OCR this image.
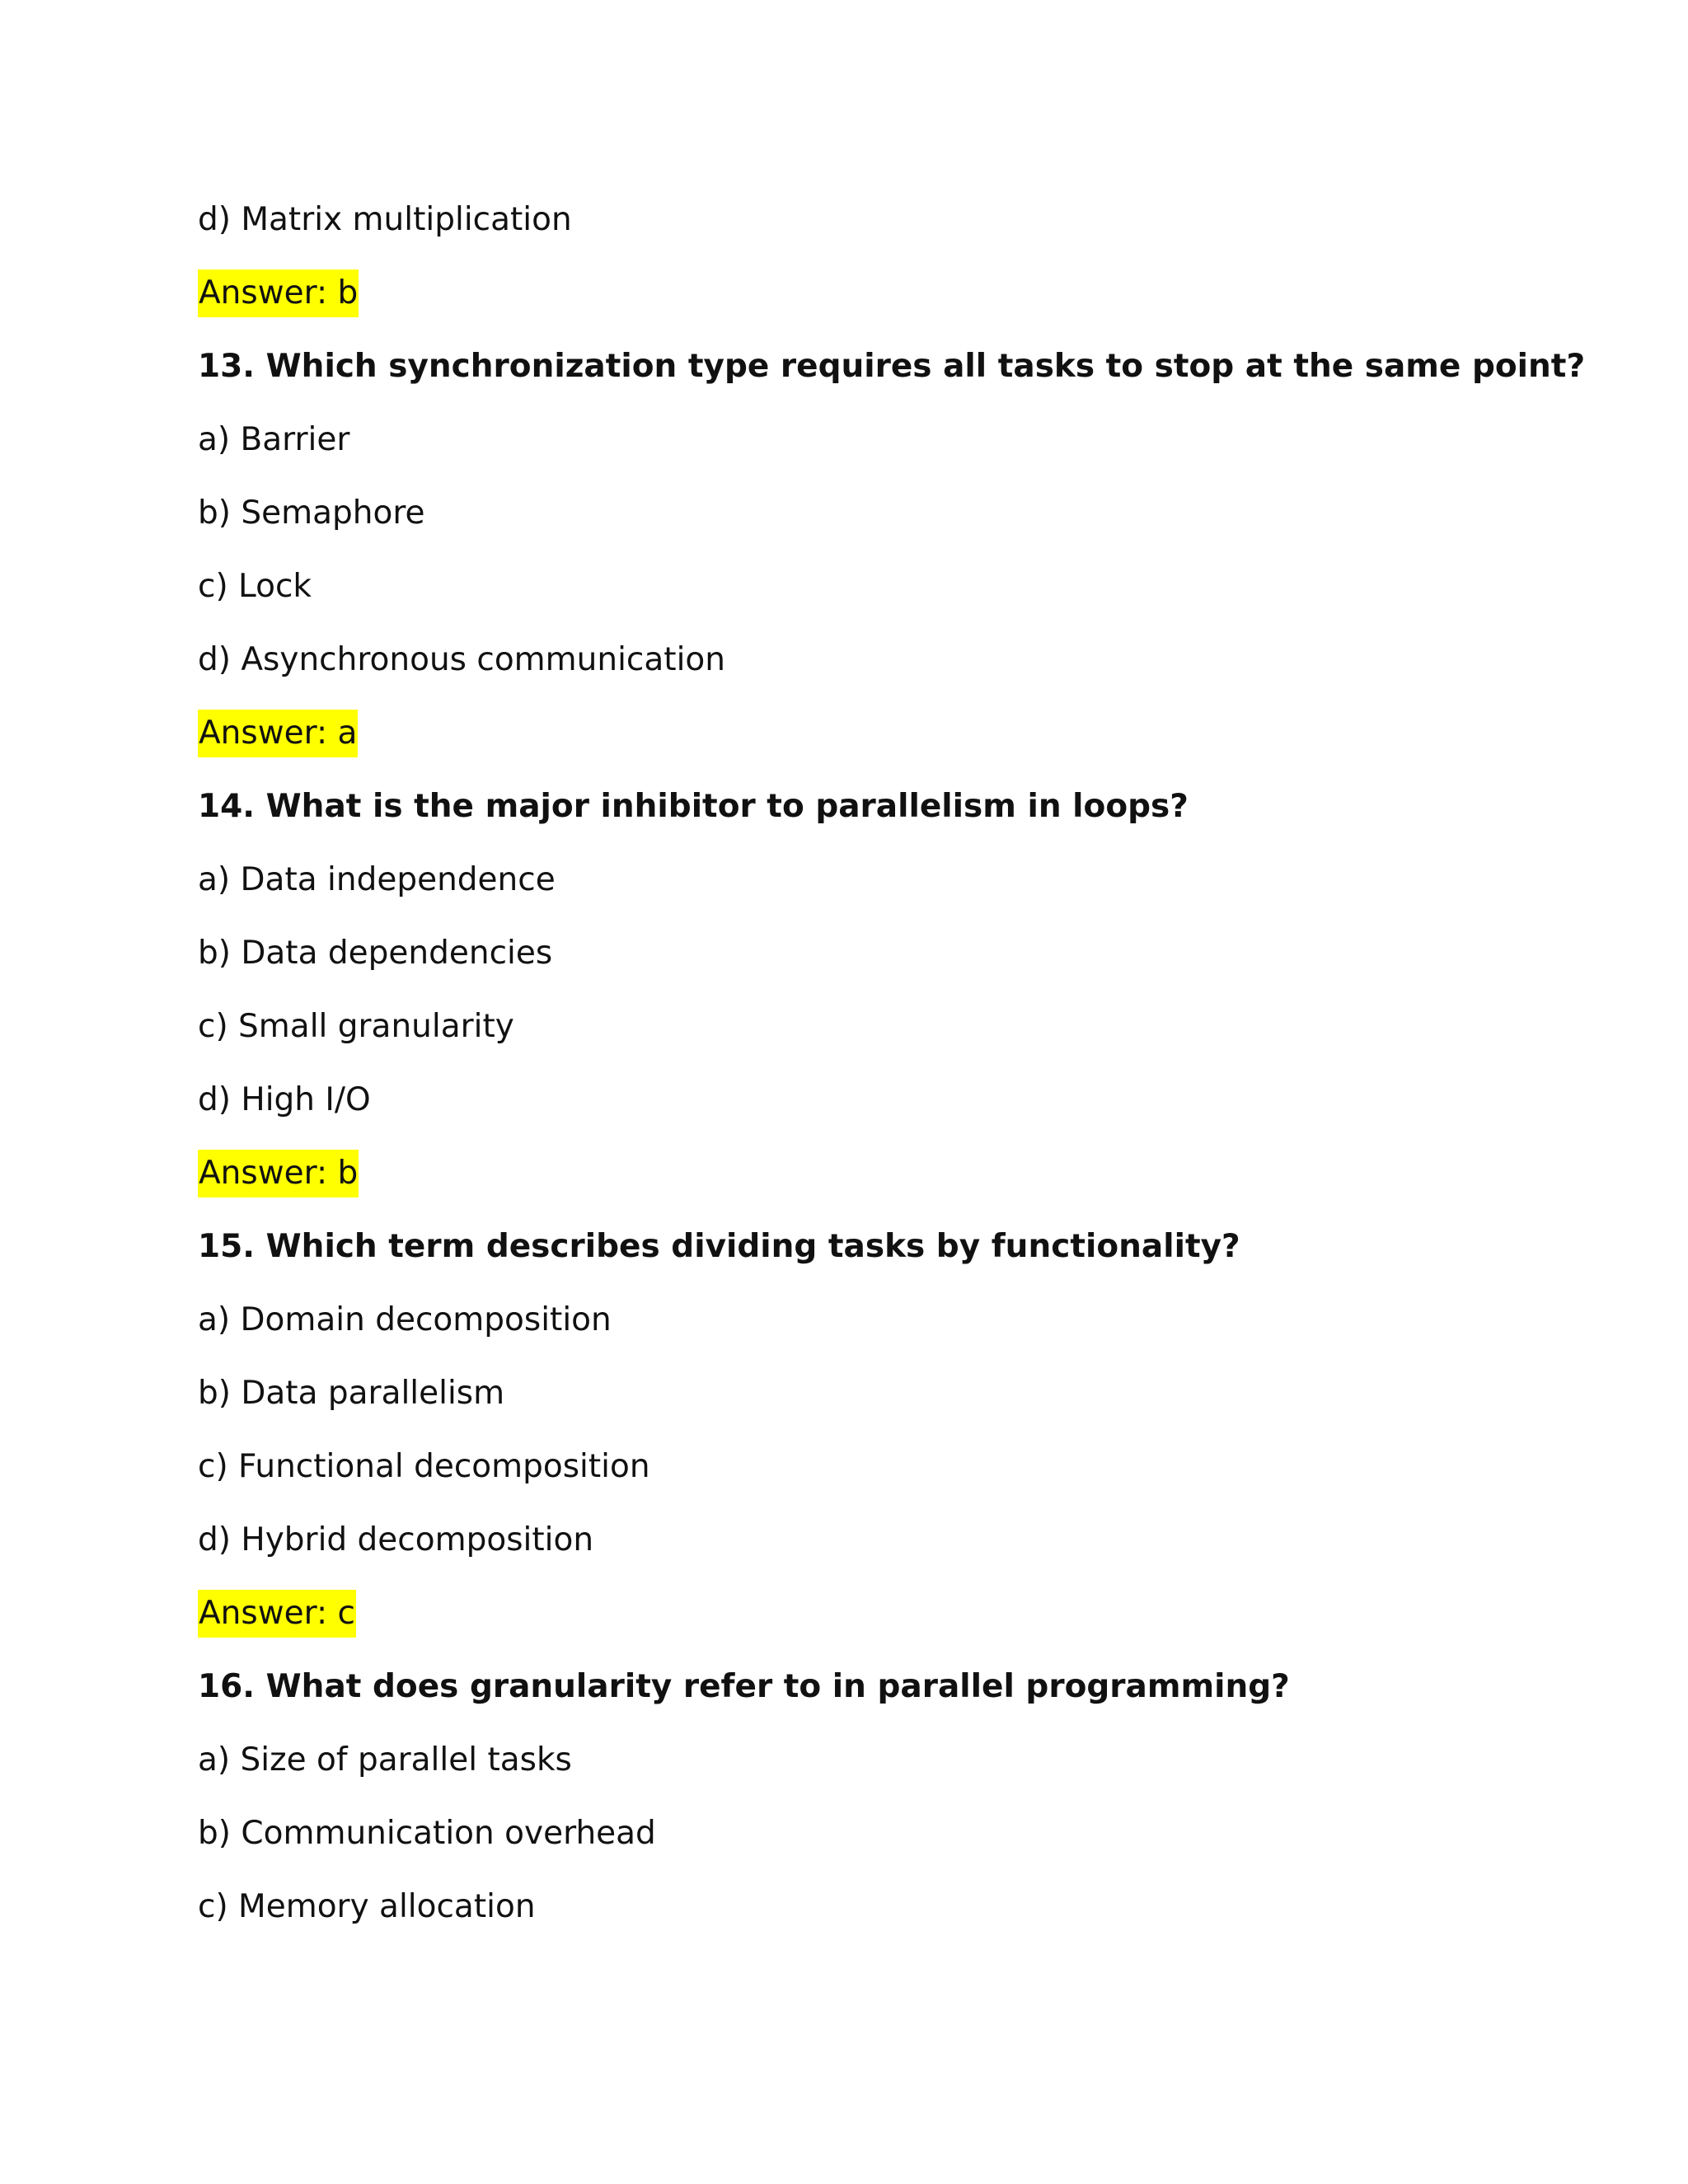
d) Matrix multiplication
Answer: b
13. Which synchronization type requires all tasks to stop at the same point?
a) Barrier
b) Semaphore
c) Lock
d) Asynchronous communication
Answer: a
14. What is the major inhibitor to parallelism in loops?
a) Data independence
b) Data dependencies
c) Small granularity
d) High I/O
Answer: b
15. Which term describes dividing tasks by functionality?
a) Domain decomposition
b) Data parallelism
c) Functional decomposition
d) Hybrid decomposition
Answer: c
16. What does granularity refer to in parallel programming?
a) Size of parallel tasks
b) Communication overhead
c) Memory allocation
